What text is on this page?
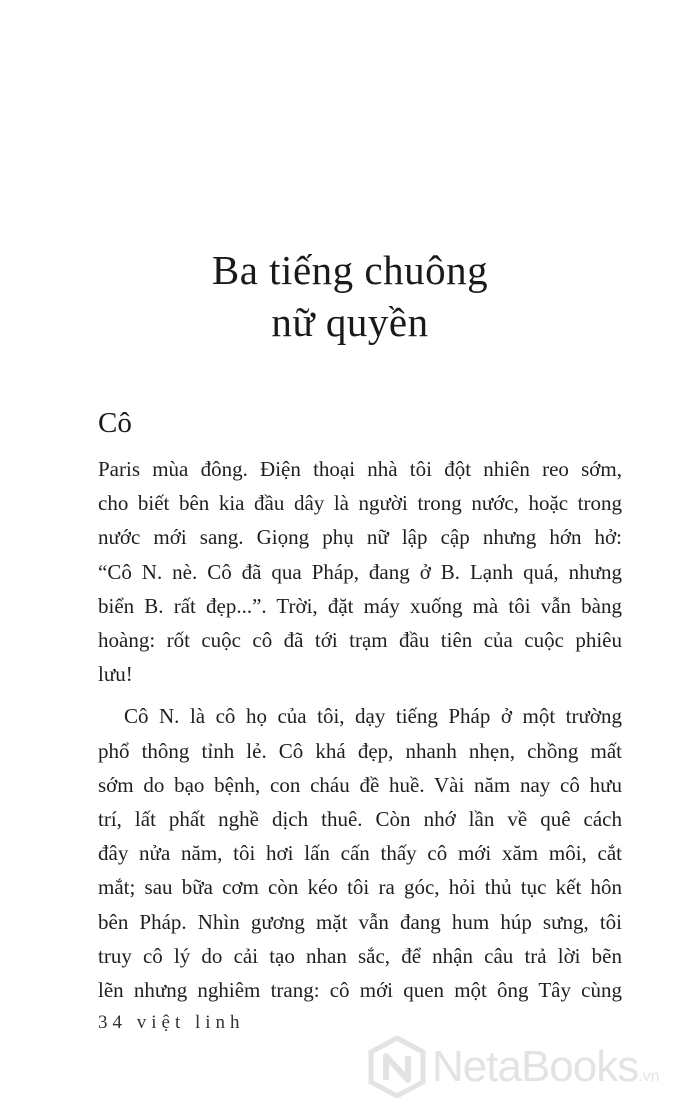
Ba tiếng chuông
nữ quyền
Cô
Paris mùa đông. Điện thoại nhà tôi đột nhiên reo sớm,
cho biết bên kia đầu dây là người trong nước, hoặc trong
nước mới sang. Giọng phụ nữ lập cập nhưng hớn hở:
“Cô N. nè. Cô đã qua Pháp, đang ở B. Lạnh quá, nhưng
biển B. rất đẹp...”. Trời, đặt máy xuống mà tôi vẫn bàng
hoàng: rốt cuộc cô đã tới trạm đầu tiên của cuộc phiêu
lưu!
Cô N. là cô họ của tôi, dạy tiếng Pháp ở một trường
phổ thông tỉnh lẻ. Cô khá đẹp, nhanh nhẹn, chồng mất
sớm do bạo bệnh, con cháu đề huề. Vài năm nay cô hưu
trí, lất phất nghề dịch thuê. Còn nhớ lần về quê cách
đây nửa năm, tôi hơi lấn cấn thấy cô mới xăm môi, cắt
mắt; sau bữa cơm còn kéo tôi ra góc, hỏi thủ tục kết hôn
bên Pháp. Nhìn gương mặt vẫn đang hum húp sưng, tôi
truy cô lý do cải tạo nhan sắc, để nhận câu trả lời bẽn
lẽn nhưng nghiêm trang: cô mới quen một ông Tây cùng
34 việt linh
NetaBooks.vn
